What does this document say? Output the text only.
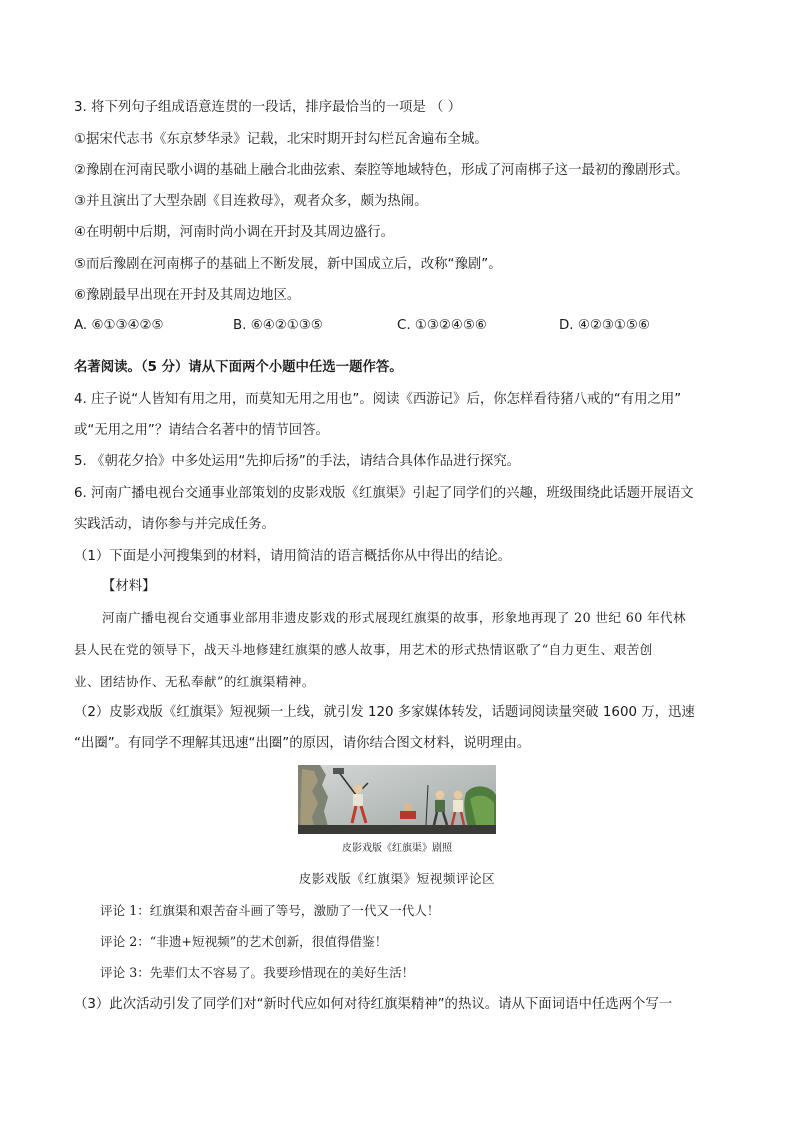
3. 将下列句子组成语意连贯的一段话，排序最恰当的一项是 （ ）
①据宋代志书《东京梦华录》记载，北宋时期开封勾栏瓦舍遍布全城。
②豫剧在河南民歌小调的基础上融合北曲弦索、秦腔等地域特色，形成了河南梆子这一最初的豫剧形式。
③并且演出了大型杂剧《目连救母》，观者众多，颇为热闹。
④在明朝中后期，河南时尚小调在开封及其周边盛行。
⑤而后豫剧在河南梆子的基础上不断发展，新中国成立后，改称“豫剧”。
⑥豫剧最早出现在开封及其周边地区。
A. ⑥①③④②⑤	B. ⑥④②①③⑤	C. ①③②④⑤⑥	D. ④②③①⑤⑥
名著阅读。（5 分）请从下面两个小题中任选一题作答。
4. 庄子说“人皆知有用之用，而莫知无用之用也”。阅读《西游记》后，你怎样看待猪八戒的“有用之用”
或“无用之用”？请结合名著中的情节回答。
5. 《朝花夕拾》中多处运用“先抑后扬”的手法，请结合具体作品进行探究。
6. 河南广播电视台交通事业部策划的皮影戏版《红旗渠》引起了同学们的兴趣，班级围绕此话题开展语文
实践活动，请你参与并完成任务。
（1）下面是小河搜集到的材料，请用简洁的语言概括你从中得出的结论。
【材料】
河南广播电视台交通事业部用非遗皮影戏的形式展现红旗渠的故事，形象地再现了 20 世纪 60 年代林
县人民在党的领导下，战天斗地修建红旗渠的感人故事，用艺术的形式热情讴歌了“自力更生、艰苦创
业、团结协作、无私奉献”的红旗渠精神。
（2）皮影戏版《红旗渠》短视频一上线，就引发 120 多家媒体转发，话题词阅读量突破 1600 万，迅速
“出圈”。有同学不理解其迅速“出圈”的原因，请你结合图文材料，说明理由。
皮影戏版《红旗渠》剧照
皮影戏版《红旗渠》短视频评论区
评论 1：红旗渠和艰苦奋斗画了等号，激励了一代又一代人！
评论 2：“非遗+短视频”的艺术创新，很值得借鉴！
评论 3：先辈们太不容易了。我要珍惜现在的美好生活！
（3）此次活动引发了同学们对“新时代应如何对待红旗渠精神”的热议。请从下面词语中任选两个写一
